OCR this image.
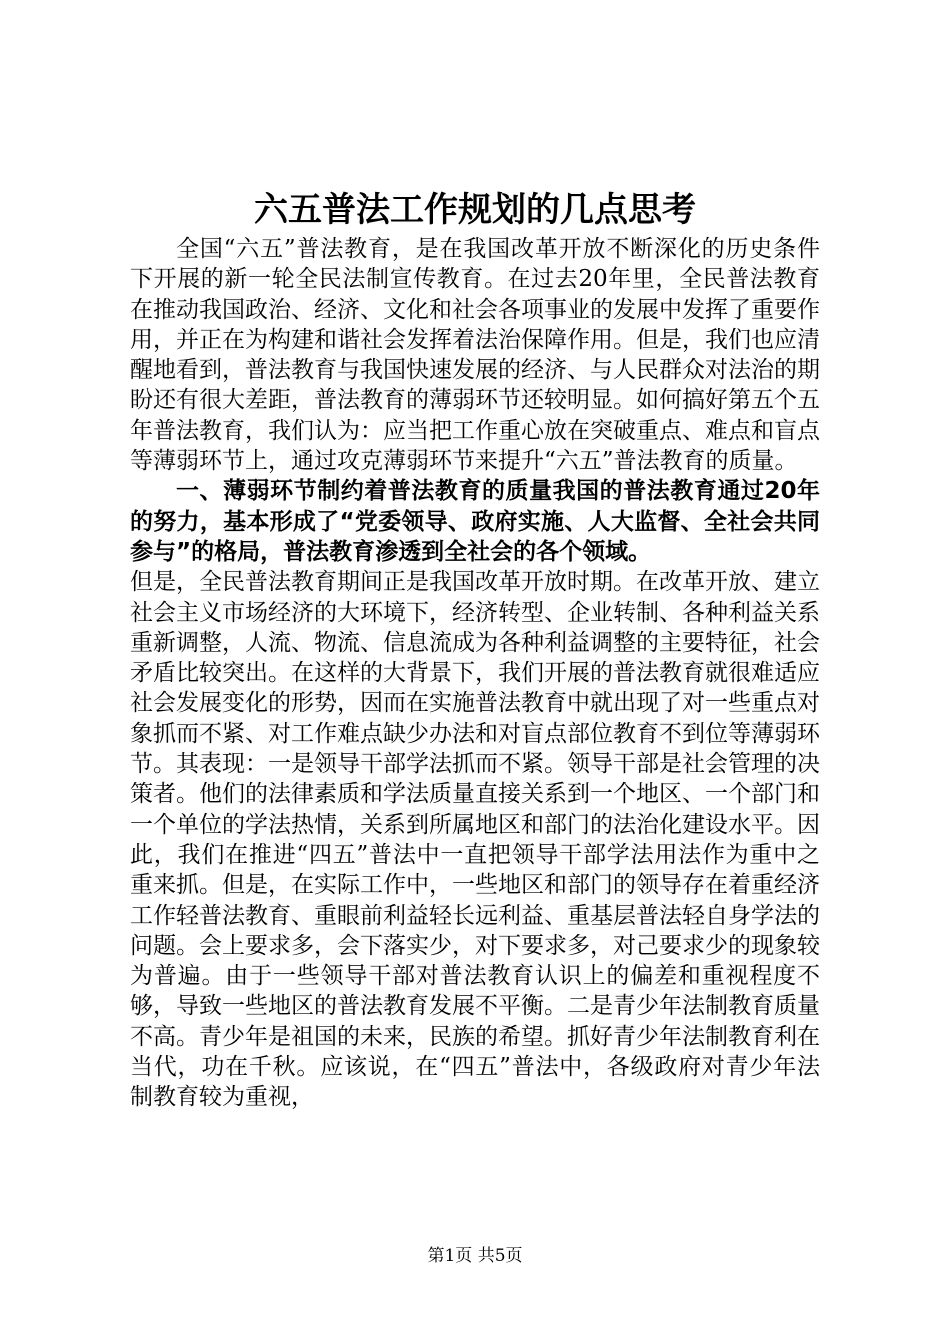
六五普法工作规划的几点思考

全国“六五”普法教育，是在我国改革开放不断深化的历史条件下开展的新一轮全民法制宣传教育。在过去20年里，全民普法教育在推动我国政治、经济、文化和社会各项事业的发展中发挥了重要作用，并正在为构建和谐社会发挥着法治保障作用。但是，我们也应清醒地看到，普法教育与我国快速发展的经济、与人民群众对法治的期盼还有很大差距，普法教育的薄弱环节还较明显。如何搞好第五个五年普法教育，我们认为：应当把工作重心放在突破重点、难点和盲点等薄弱环节上，通过攻克薄弱环节来提升“六五”普法教育的质量。

一、薄弱环节制约着普法教育的质量我国的普法教育通过20年的努力，基本形成了“党委领导、政府实施、人大监督、全社会共同参与”的格局，普法教育渗透到全社会的各个领域。

但是，全民普法教育期间正是我国改革开放时期。在改革开放、建立社会主义市场经济的大环境下，经济转型、企业转制、各种利益关系重新调整，人流、物流、信息流成为各种利益调整的主要特征，社会矛盾比较突出。在这样的大背景下，我们开展的普法教育就很难适应社会发展变化的形势，因而在实施普法教育中就出现了对一些重点对象抓而不紧、对工作难点缺少办法和对盲点部位教育不到位等薄弱环节。其表现：一是领导干部学法抓而不紧。领导干部是社会管理的决策者。他们的法律素质和学法质量直接关系到一个地区、一个部门和一个单位的学法热情，关系到所属地区和部门的法治化建设水平。因此，我们在推进“四五”普法中一直把领导干部学法用法作为重中之重来抓。但是，在实际工作中，一些地区和部门的领导存在着重经济工作轻普法教育、重眼前利益轻长远利益、重基层普法轻自身学法的问题。会上要求多，会下落实少，对下要求多，对己要求少的现象较为普遍。由于一些领导干部对普法教育认识上的偏差和重视程度不够，导致一些地区的普法教育发展不平衡。二是青少年法制教育质量不高。青少年是祖国的未来，民族的希望。抓好青少年法制教育利在当代，功在千秋。应该说，在“四五”普法中，各级政府对青少年法制教育较为重视，

第1页 共5页
